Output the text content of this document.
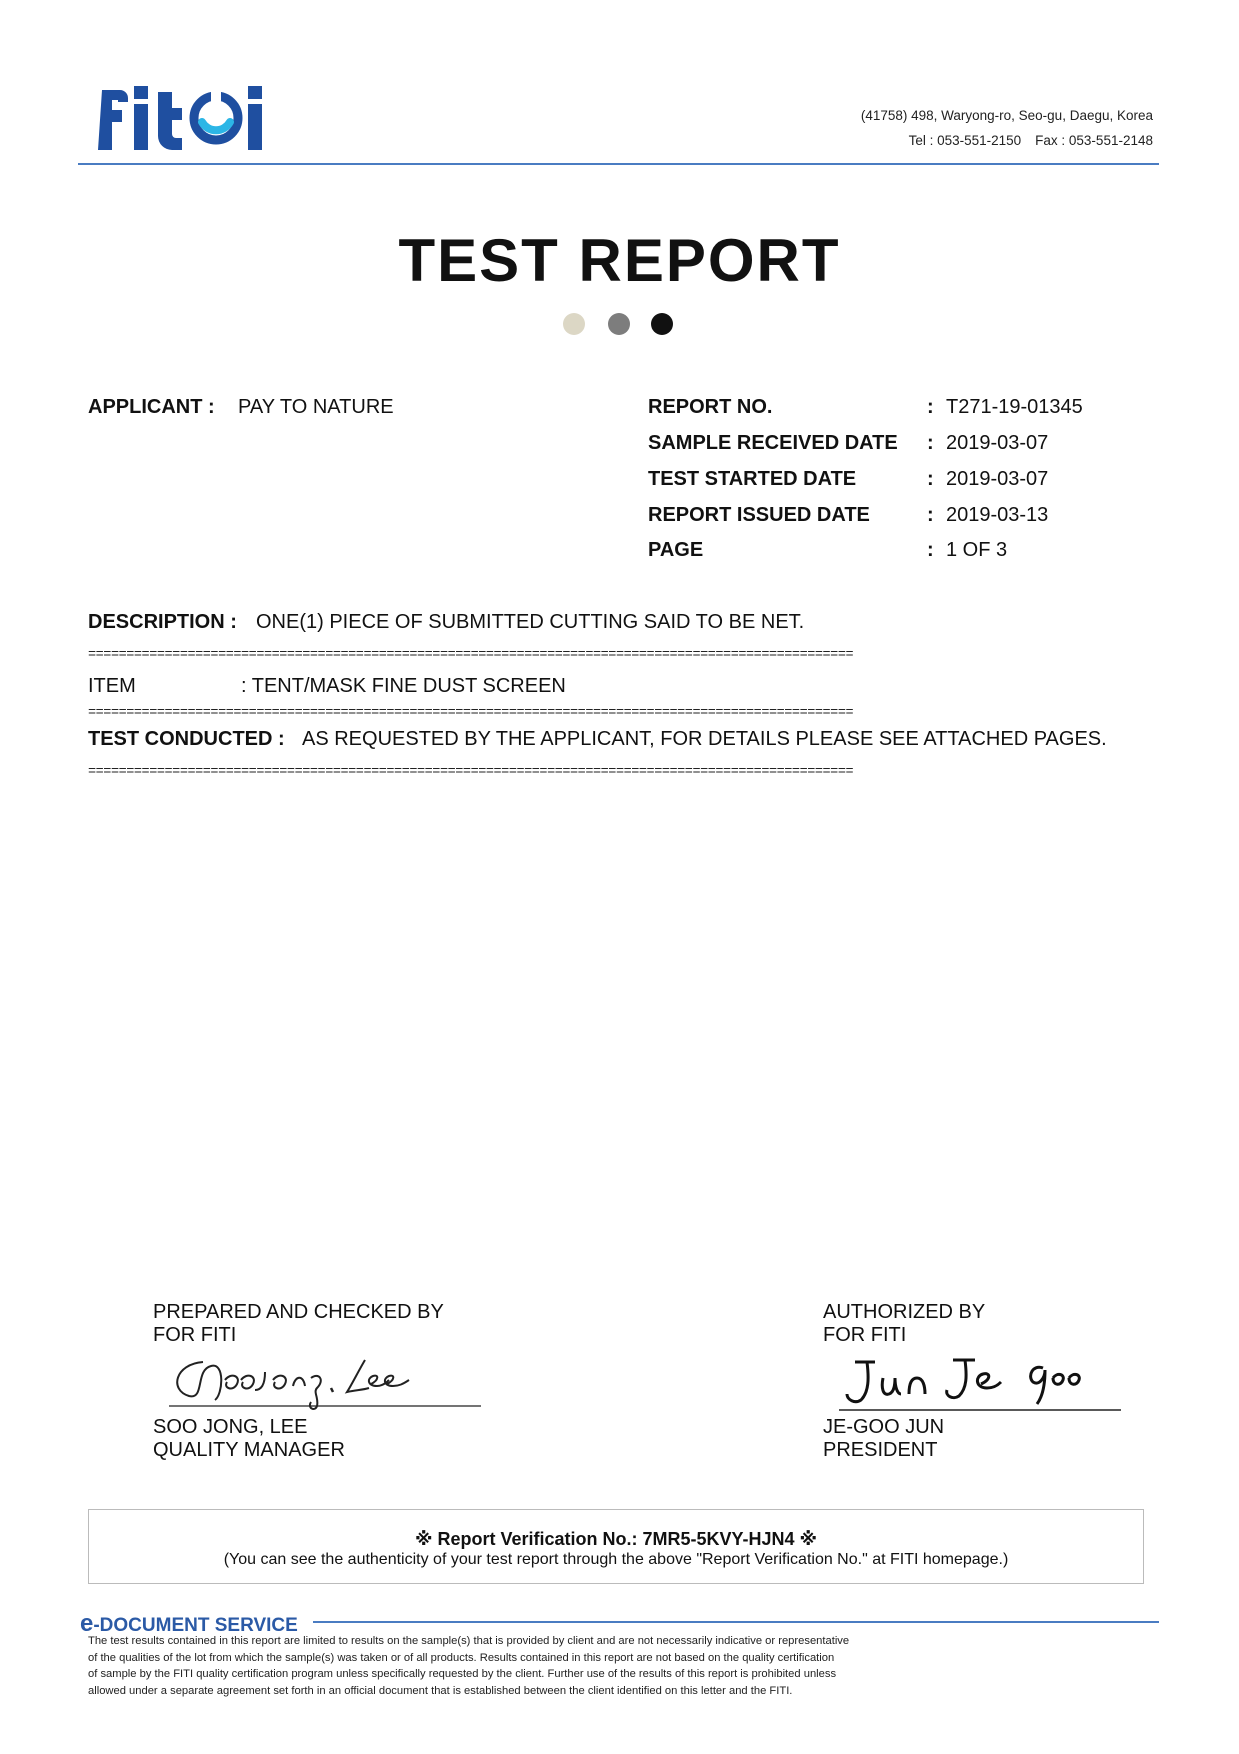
(41758) 498, Waryong-ro, Seo-gu, Daegu, Korea
Tel : 053-551-2150 Fax : 053-551-2148
TEST REPORT
APPLICANT : PAY TO NATURE	REPORT NO.	: T271-19-01345
SAMPLE RECEIVED DATE : 2019-03-07
TEST STARTED DATE	: 2019-03-07
REPORT ISSUED DATE	: 2019-03-13
PAGE	: 1 OF 3
DESCRIPTION : ONE(1) PIECE OF SUBMITTED CUTTING SAID TO BE NET.
====================================================================================================
ITEM	: TENT/MASK FINE DUST SCREEN
====================================================================================================
TEST CONDUCTED : AS REQUESTED BY THE APPLICANT, FOR DETAILS PLEASE SEE ATTACHED PAGES.
====================================================================================================
PREPARED AND CHECKED BY
FOR FITI
SOO JONG, LEE
QUALITY MANAGER
AUTHORIZED BY
FOR FITI
JE-GOO JUN
PRESIDENT
※ Report Verification No.: 7MR5-5KVY-HJN4 ※
(You can see the authenticity of your test report through the above "Report Verification No." at FITI homepage.)
e-DOCUMENT SERVICE
The test results contained in this report are limited to results on the sample(s) that is provided by client and are not necessarily indicative or representative
of the qualities of the lot from which the sample(s) was taken or of all products. Results contained in this report are not based on the quality certification
of sample by the FITI quality certification program unless specifically requested by the client. Further use of the results of this report is prohibited unless
allowed under a separate agreement set forth in an official document that is established between the client identified on this letter and the FITI.
